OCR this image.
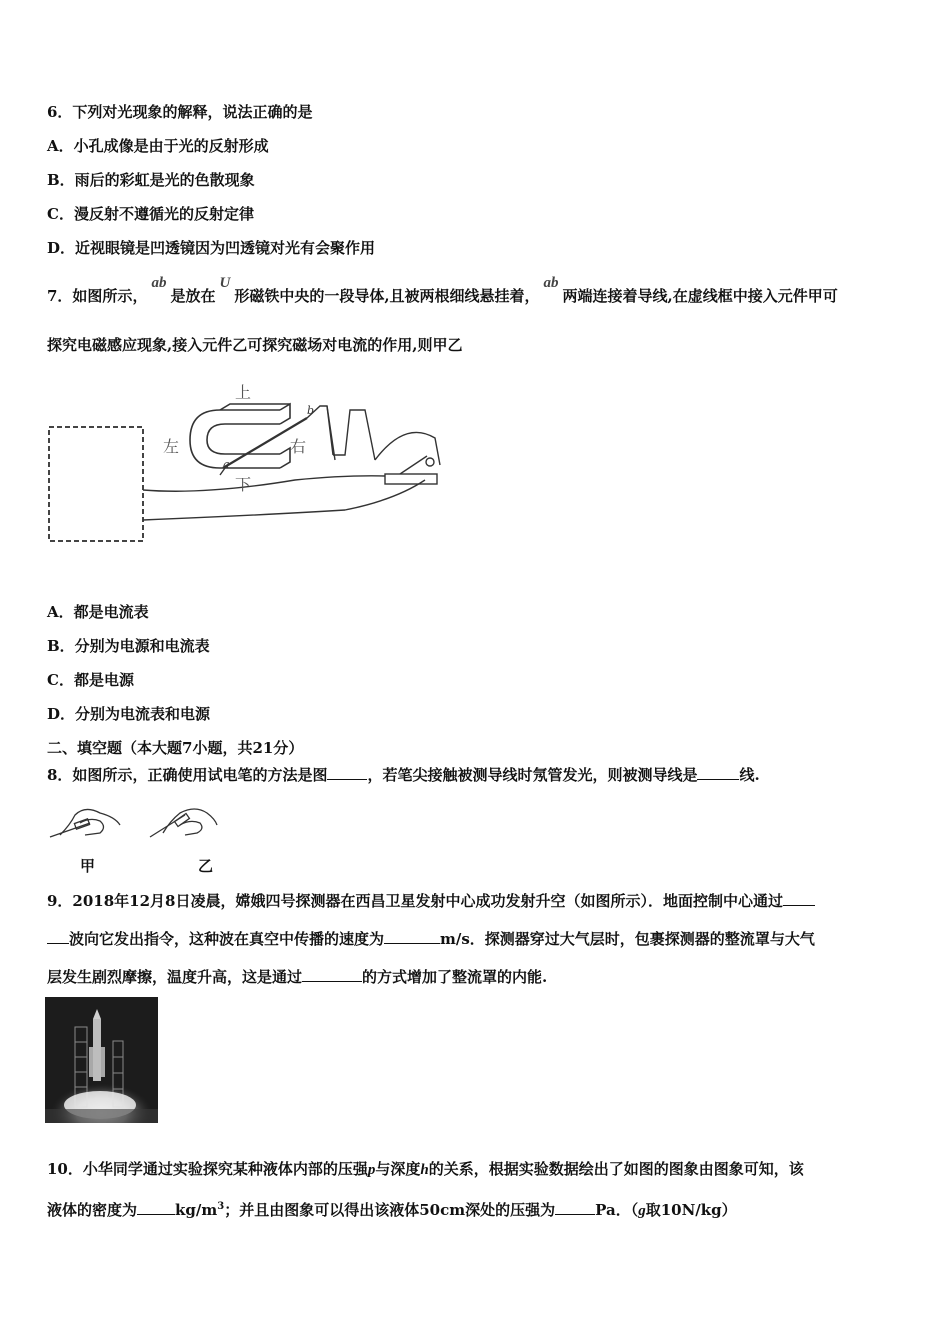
6．下列对光现象的解释，说法正确的是
A．小孔成像是由于光的反射形成
B．雨后的彩虹是光的色散现象
C．漫反射不遵循光的反射定律
D．近视眼镜是凹透镜因为凹透镜对光有会聚作用
7．如图所示，ab是放在U形磁铁中央的一段导体,且被两根细线悬挂着，ab两端连接着导线,在虚线框中接入元件甲可
探究电磁感应现象,接入元件乙可探究磁场对电流的作用,则甲乙
上
下
左	右
a
b
A．都是电流表
B．分别为电源和电流表
C．都是电源
D．分别为电流表和电源
二、填空题（本大题7小题，共21分）
8．如图所示，正确使用试电笔的方法是图	，若笔尖接触被测导线时氖管发光，则被测导线是	线.
甲	乙
9．2018年12月8日凌晨，嫦娥四号探测器在西昌卫星发射中心成功发射升空（如图所示）．地面控制中心通过
波向它发出指令，这种波在真空中传播的速度为	m/s．探测器穿过大气层时，包裹探测器的整流罩与大气
层发生剧烈摩擦，温度升高，这是通过	的方式增加了整流罩的内能.
10．小华同学通过实验探究某种液体内部的压强p与深度h的关系，根据实验数据绘出了如图的图象由图象可知，该
液体的密度为	$kg/m^3$；并且由图象可以得出该液体50cm深处的压强为	Pa．（g取10N/kg）
